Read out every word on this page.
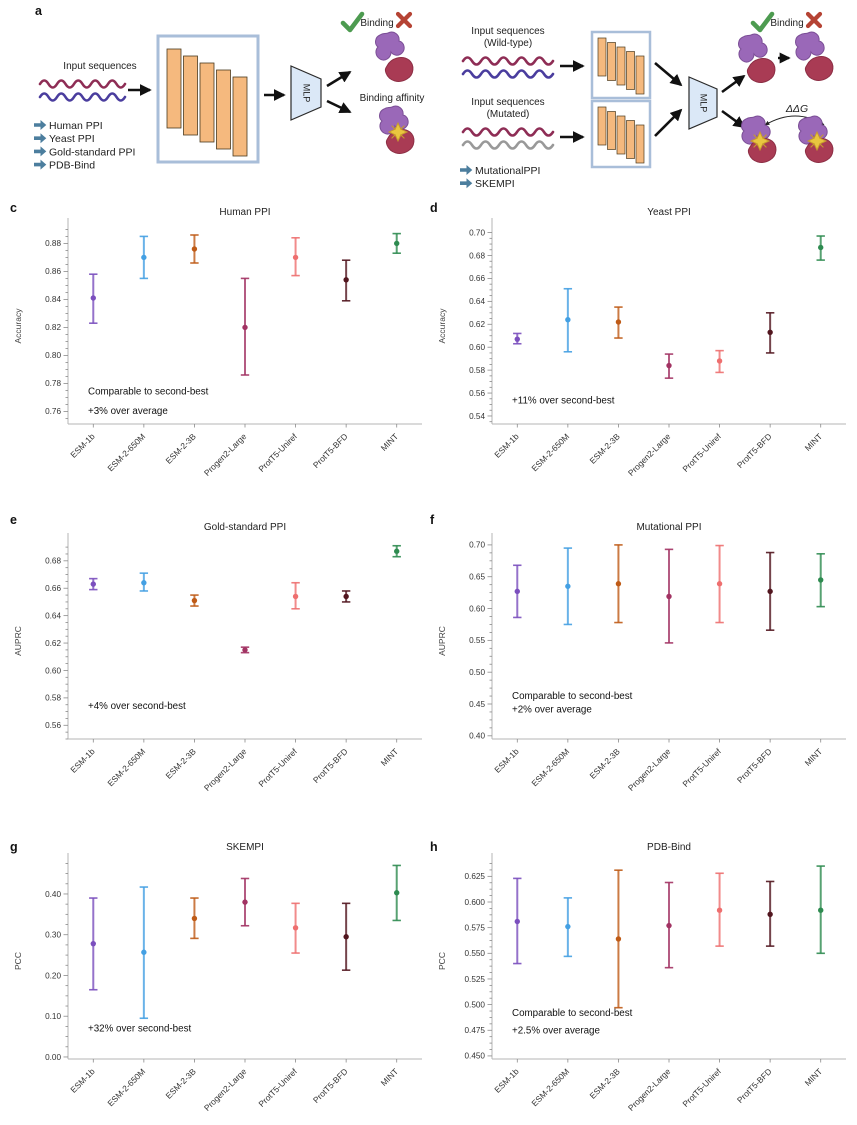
a
Input sequences
MLP
Binding
Binding affinity
Human PPI
Yeast PPI
Gold-standard PPI
PDB-Bind
Input sequences
(Wild-type)
Input sequences
(Mutated)
MLP
Binding
ΔΔG
MutationalPPI
SKEMPI
c	d
e	f
g	h
0.76
0.78
0.80
0.82
0.84
0.86
0.88
ESM-1b ESM-2-650M ESM-2-3B Progen2-Large ProtT5-Uniref ProtT5-BFD	MINT
Human PPI
Accuracy
Comparable to second-best
+3% over average	0.54
0.56
0.58
0.60
0.62
0.64
0.66
0.68
0.70
ESM-1b ESM-2-650M ESM-2-3B Progen2-Large ProtT5-Uniref ProtT5-BFD	MINT
Yeast PPI
Accuracy
+11% over second-best
0.56
0.58
0.60
0.62
0.64
0.66
0.68
ESM-1b ESM-2-650M ESM-2-3B Progen2-Large ProtT5-Uniref ProtT5-BFD	MINT
Gold-standard PPI
AUPRC
+4% over second-best
0.40
0.45
0.50
0.55
0.60
0.65
0.70
ESM-1b ESM-2-650M ESM-2-3B Progen2-Large ProtT5-Uniref ProtT5-BFD	MINT
Mutational PPI
AUPRC
Comparable to second-best
+2% over average
0.00
0.10
0.20
0.30
0.40
ESM-1b ESM-2-650M ESM-2-3B Progen2-Large ProtT5-Uniref ProtT5-BFD	MINT
SKEMPI
PCC
+32% over second-best
0.450
0.475
0.500
0.525
0.550
0.575
0.600
0.625
ESM-1b ESM-2-650M ESM-2-3B Progen2-Large ProtT5-Uniref ProtT5-BFD	MINT
PDB-Bind
PCC
Comparable to second-best
+2.5% over average
